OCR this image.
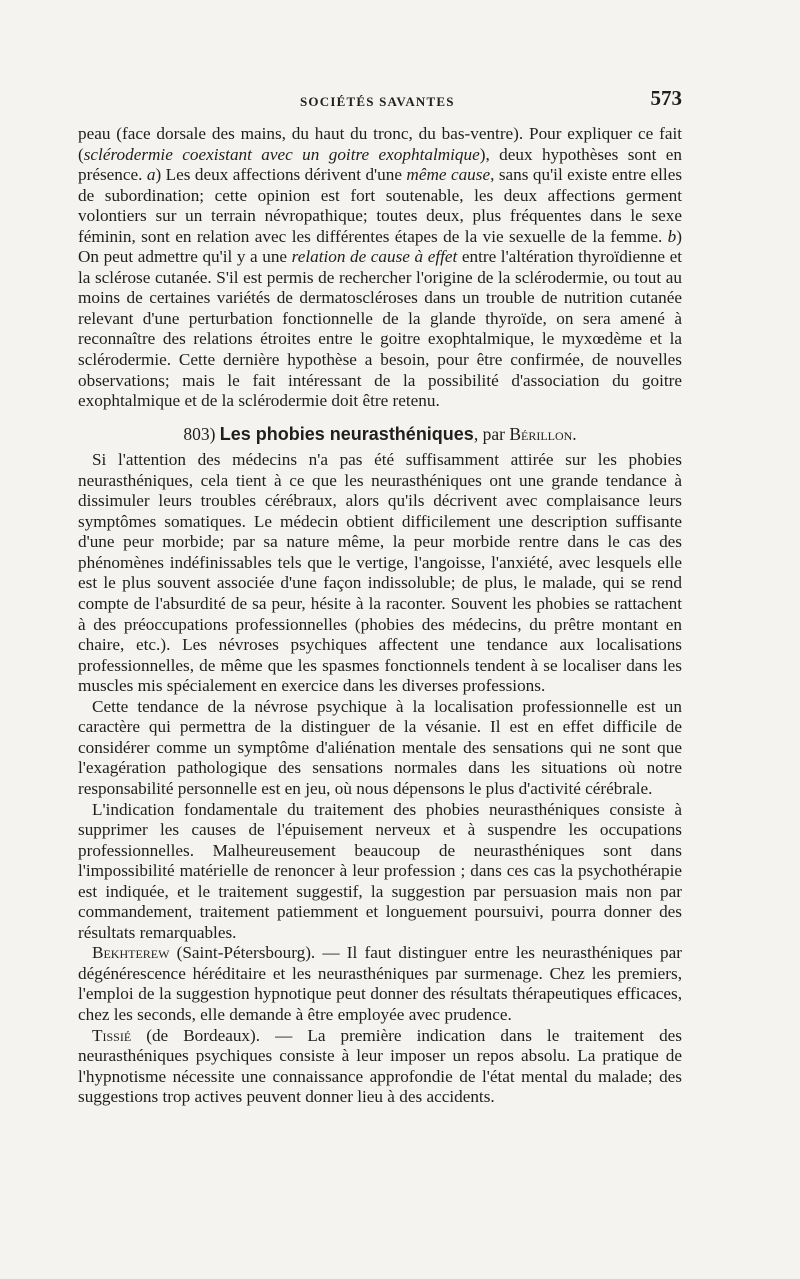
SOCIÉTÉS SAVANTES	573

peau (face dorsale des mains, du haut du tronc, du bas-ventre). Pour expliquer ce fait (sclérodermie coexistant avec un goitre exophtalmique), deux hypothèses sont en présence. a) Les deux affections dérivent d'une même cause, sans qu'il existe entre elles de subordination; cette opinion est fort soutenable, les deux affections germent volontiers sur un terrain névropathique; toutes deux, plus fréquentes dans le sexe féminin, sont en relation avec les différentes étapes de la vie sexuelle de la femme. b) On peut admettre qu'il y a une relation de cause à effet entre l'altération thyroïdienne et la sclérose cutanée. S'il est permis de rechercher l'origine de la sclérodermie, ou tout au moins de certaines variétés de dermatoscléroses dans un trouble de nutrition cutanée relevant d'une perturbation fonctionnelle de la glande thyroïde, on sera amené à reconnaître des relations étroites entre le goitre exophtalmique, le myxœdème et la sclérodermie. Cette dernière hypothèse a besoin, pour être confirmée, de nouvelles observations; mais le fait intéressant de la possibilité d'association du goitre exophtalmique et de la sclérodermie doit être retenu.

803) Les phobies neurasthéniques, par Bérillon.

Si l'attention des médecins n'a pas été suffisamment attirée sur les phobies neurasthéniques, cela tient à ce que les neurasthéniques ont une grande tendance à dissimuler leurs troubles cérébraux, alors qu'ils décrivent avec complaisance leurs symptômes somatiques. Le médecin obtient difficilement une description suffisante d'une peur morbide; par sa nature même, la peur morbide rentre dans le cas des phénomènes indéfinissables tels que le vertige, l'angoisse, l'anxiété, avec lesquels elle est le plus souvent associée d'une façon indissoluble; de plus, le malade, qui se rend compte de l'absurdité de sa peur, hésite à la raconter. Souvent les phobies se rattachent à des préoccupations professionnelles (phobies des médecins, du prêtre montant en chaire, etc.). Les névroses psychiques affectent une tendance aux localisations professionnelles, de même que les spasmes fonctionnels tendent à se localiser dans les muscles mis spécialement en exercice dans les diverses professions.

Cette tendance de la névrose psychique à la localisation professionnelle est un caractère qui permettra de la distinguer de la vésanie. Il est en effet difficile de considérer comme un symptôme d'aliénation mentale des sensations qui ne sont que l'exagération pathologique des sensations normales dans les situations où notre responsabilité personnelle est en jeu, où nous dépensons le plus d'activité cérébrale.

L'indication fondamentale du traitement des phobies neurasthéniques consiste à supprimer les causes de l'épuisement nerveux et à suspendre les occupations professionnelles. Malheureusement beaucoup de neurasthéniques sont dans l'impossibilité matérielle de renoncer à leur profession ; dans ces cas la psychothérapie est indiquée, et le traitement suggestif, la suggestion par persuasion mais non par commandement, traitement patiemment et longuement poursuivi, pourra donner des résultats remarquables.

Bekhterew (Saint-Pétersbourg). — Il faut distinguer entre les neurasthéniques par dégénérescence héréditaire et les neurasthéniques par surmenage. Chez les premiers, l'emploi de la suggestion hypnotique peut donner des résultats thérapeutiques efficaces, chez les seconds, elle demande à être employée avec prudence.

Tissié (de Bordeaux). — La première indication dans le traitement des neurasthéniques psychiques consiste à leur imposer un repos absolu. La pratique de l'hypnotisme nécessite une connaissance approfondie de l'état mental du malade; des suggestions trop actives peuvent donner lieu à des accidents.
